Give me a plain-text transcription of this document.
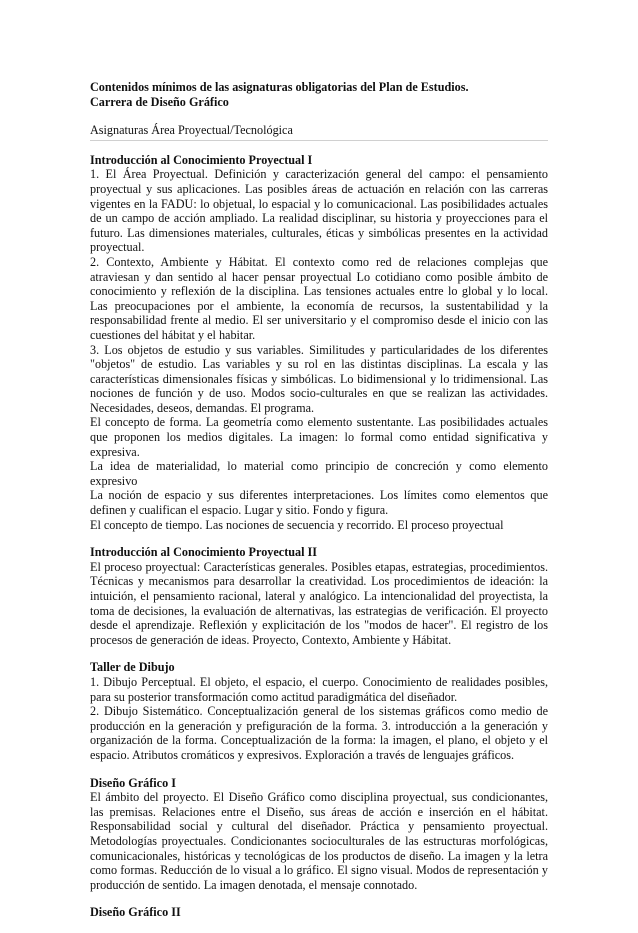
Contenidos mínimos de las asignaturas obligatorias del Plan de Estudios.

Carrera de Diseño Gráfico

Asignaturas Área Proyectual/Tecnológica

Introducción al Conocimiento Proyectual I

1. El Área Proyectual. Definición y caracterización general del campo: el pensamiento proyectual y sus aplicaciones. Las posibles áreas de actuación en relación con las carreras vigentes en la FADU: lo objetual, lo espacial y lo comunicacional. Las posibilidades actuales de un campo de acción ampliado. La realidad disciplinar, su historia y proyecciones para el futuro. Las dimensiones materiales, culturales, éticas y simbólicas presentes en la actividad proyectual.

2. Contexto, Ambiente y Hábitat. El contexto como red de relaciones complejas que atraviesan y dan sentido al hacer pensar proyectual Lo cotidiano como posible ámbito de conocimiento y reflexión de la disciplina. Las tensiones actuales entre lo global y lo local. Las preocupaciones por el ambiente, la economía de recursos, la sustentabilidad y la responsabilidad frente al medio. El ser universitario y el compromiso desde el inicio con las cuestiones del hábitat y el habitar.

3. Los objetos de estudio y sus variables. Similitudes y particularidades de los diferentes "objetos" de estudio. Las variables y su rol en las distintas disciplinas. La escala y las características dimensionales físicas y simbólicas. Lo bidimensional y lo tridimensional. Las nociones de función y de uso. Modos socio-culturales en que se realizan las actividades. Necesidades, deseos, demandas. El programa.

El concepto de forma. La geometría como elemento sustentante. Las posibilidades actuales que proponen los medios digitales. La imagen: lo formal como entidad significativa y expresiva.

La idea de materialidad, lo material como principio de concreción y como elemento expresivo

La noción de espacio y sus diferentes interpretaciones. Los límites como elementos que definen y cualifican el espacio. Lugar y sitio. Fondo y figura.

El concepto de tiempo. Las nociones de secuencia y recorrido. El proceso proyectual

Introducción al Conocimiento Proyectual II

El proceso proyectual: Características generales. Posibles etapas, estrategias, procedimientos. Técnicas y mecanismos para desarrollar la creatividad. Los procedimientos de ideación: la intuición, el pensamiento racional, lateral y analógico. La intencionalidad del proyectista, la toma de decisiones, la evaluación de alternativas, las estrategias de verificación. El proyecto desde el aprendizaje. Reflexión y explicitación de los "modos de hacer". El registro de los procesos de generación de ideas. Proyecto, Contexto, Ambiente y Hábitat.

Taller de Dibujo

1. Dibujo Perceptual. El objeto, el espacio, el cuerpo. Conocimiento de realidades posibles, para su posterior transformación como actitud paradigmática del diseñador.

2. Dibujo Sistemático. Conceptualización general de los sistemas gráficos como medio de producción en la generación y prefiguración de la forma. 3. introducción a la generación y organización de la forma. Conceptualización de la forma: la imagen, el plano, el objeto y el espacio. Atributos cromáticos y expresivos. Exploración a través de lenguajes gráficos.

Diseño Gráfico I

El ámbito del proyecto. El Diseño Gráfico como disciplina proyectual, sus condicionantes, las premisas. Relaciones entre el Diseño, sus áreas de acción e inserción en el hábitat. Responsabilidad social y cultural del diseñador. Práctica y pensamiento proyectual. Metodologías proyectuales. Condicionantes socioculturales de las estructuras morfológicas, comunicacionales, históricas y tecnológicas de los productos de diseño. La imagen y la letra como formas. Reducción de lo visual a lo gráfico. El signo visual. Modos de representación y producción de sentido. La imagen denotada, el mensaje connotado.

Diseño Gráfico II
